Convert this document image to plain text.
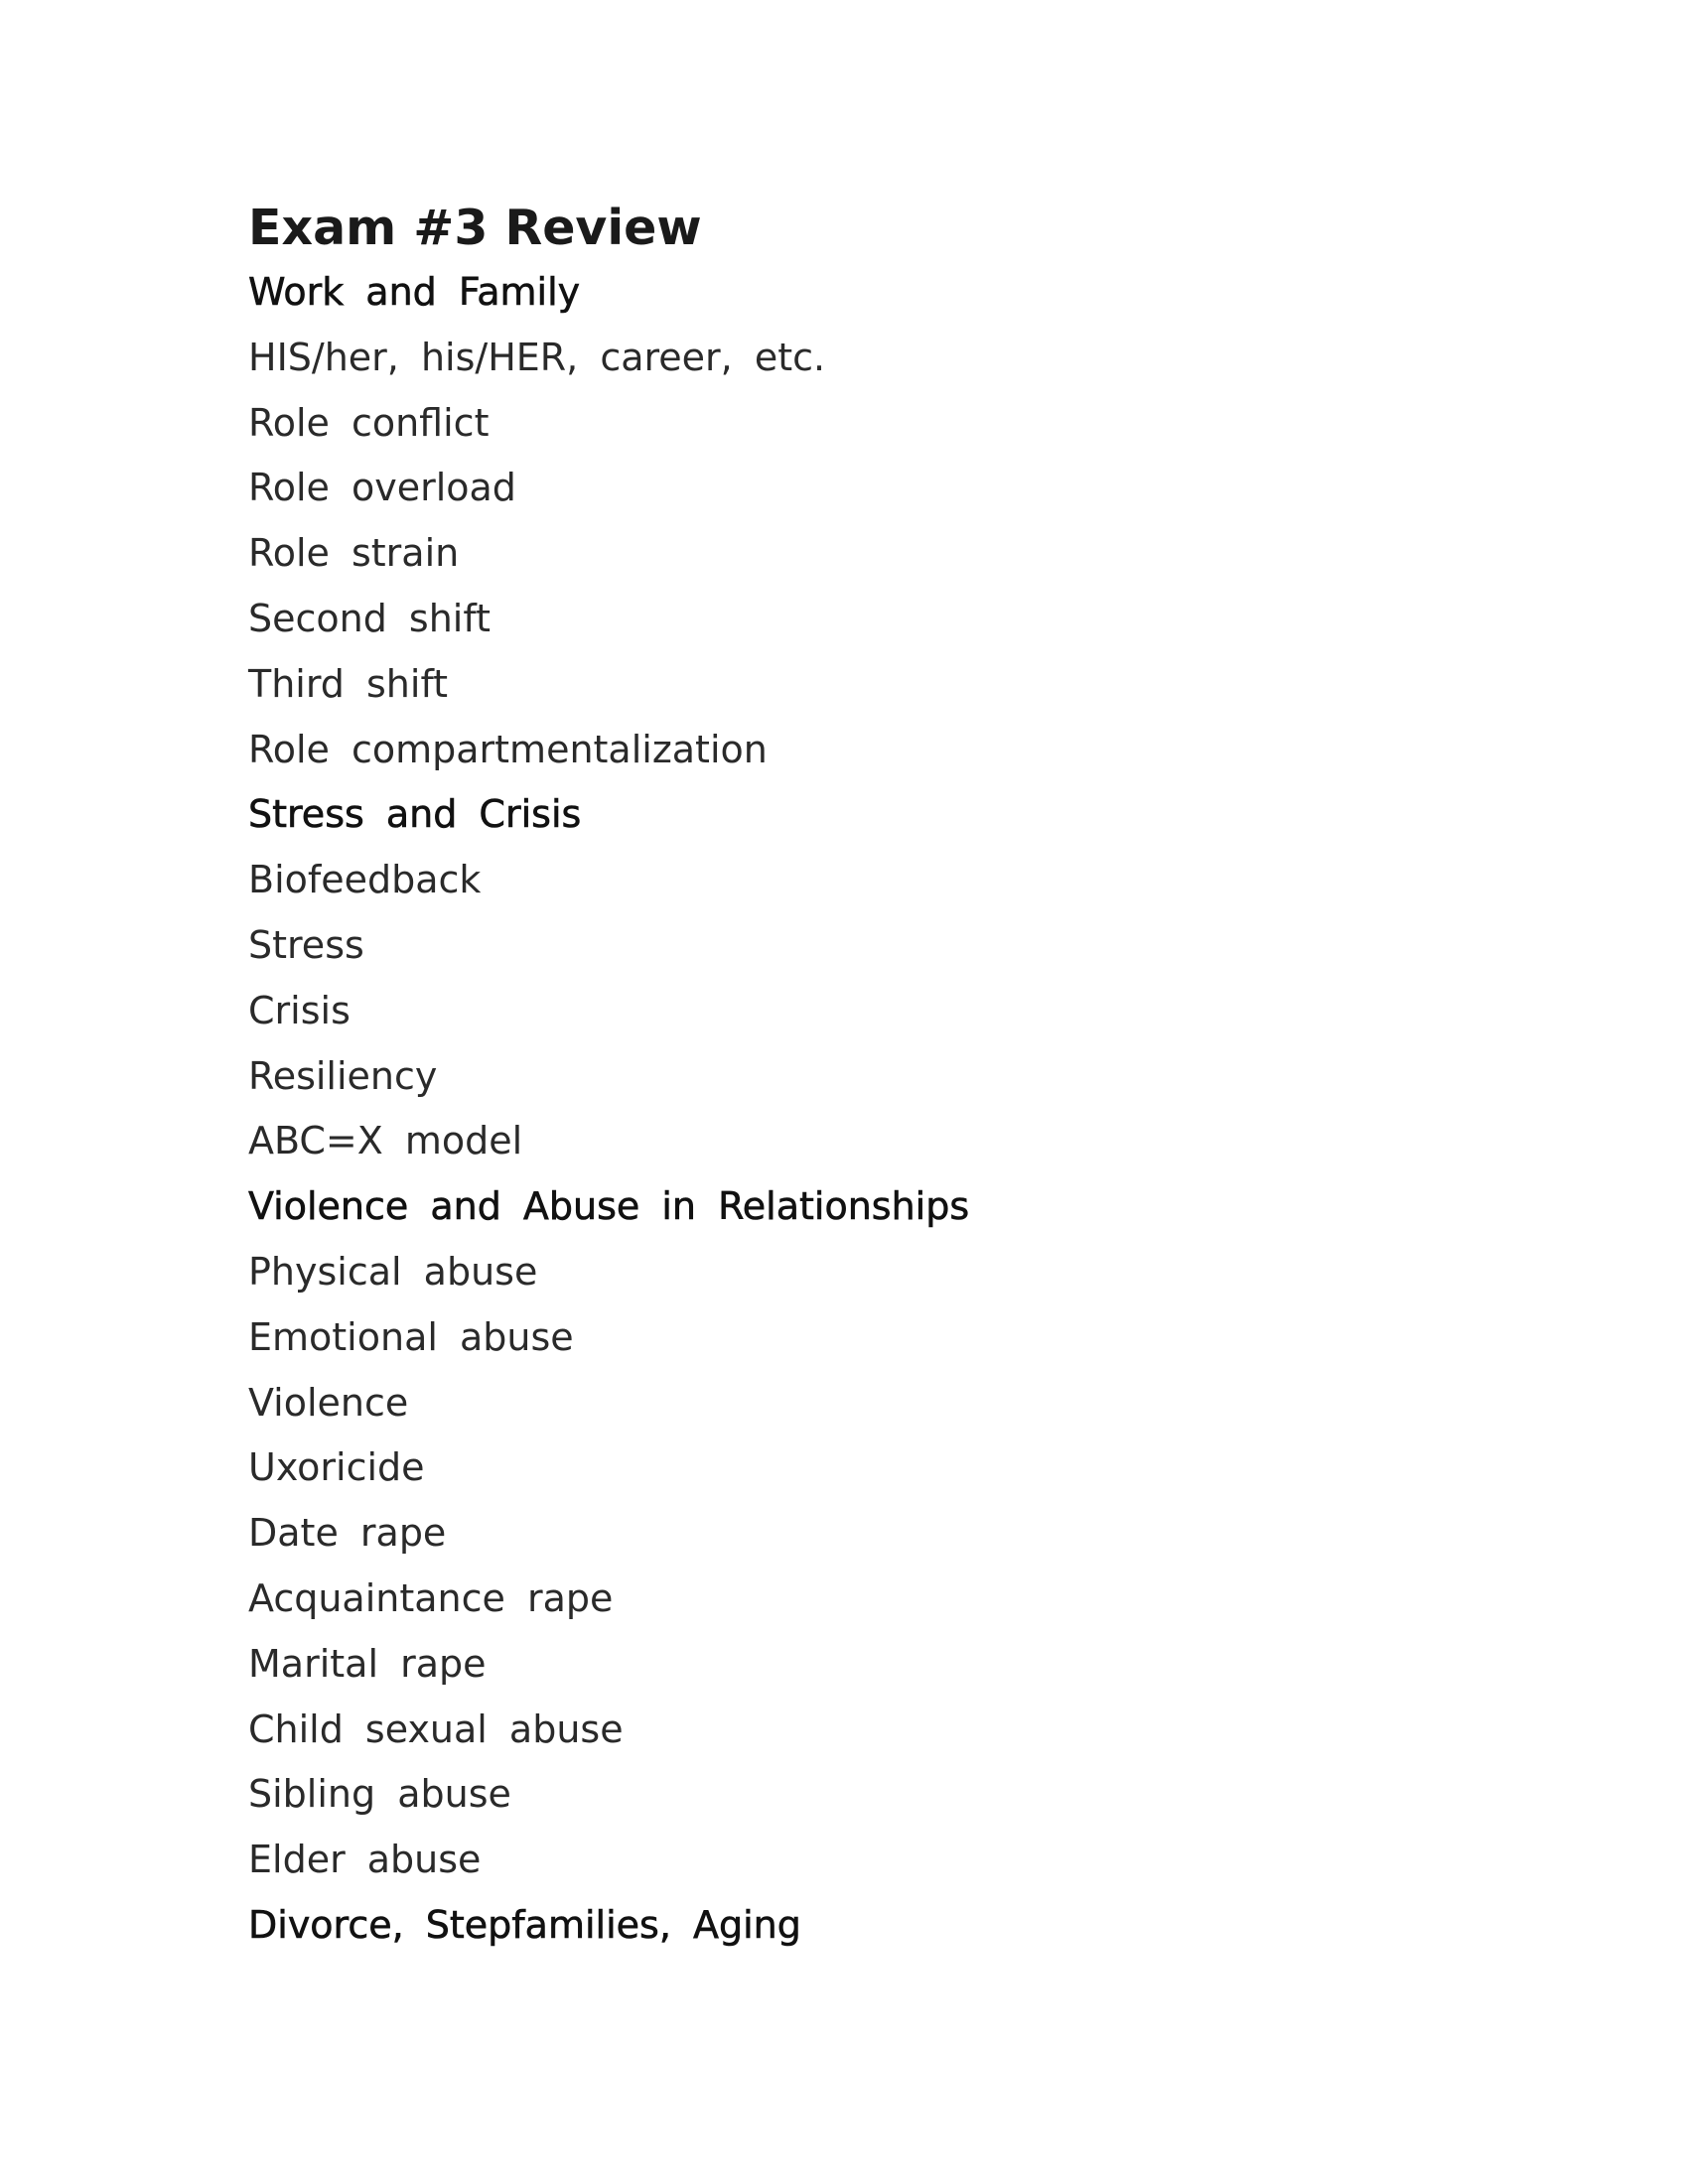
Exam #3 Review
Work and Family
HIS/her, his/HER, career, etc.
Role conflict
Role overload
Role strain
Second shift
Third shift
Role compartmentalization
Stress and Crisis
Biofeedback
Stress
Crisis
Resiliency
ABC=X model
Violence and Abuse in Relationships
Physical abuse
Emotional abuse
Violence
Uxoricide
Date rape
Acquaintance rape
Marital rape
Child sexual abuse
Sibling abuse
Elder abuse
Divorce, Stepfamilies, Aging
